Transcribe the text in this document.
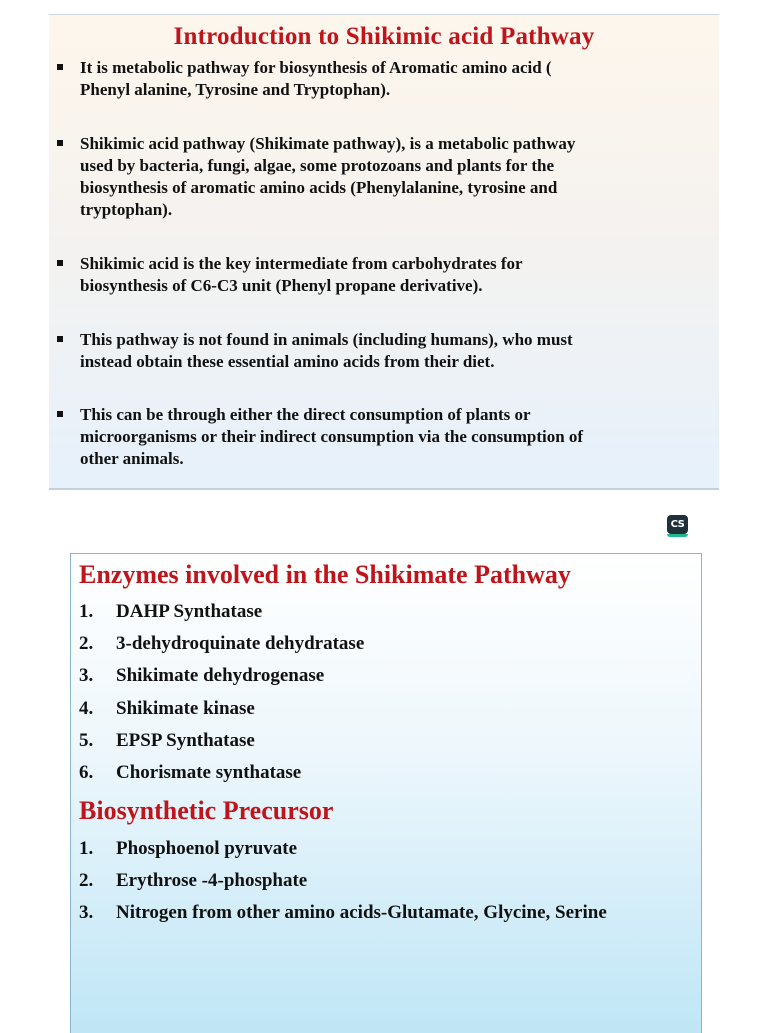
Introduction to Shikimic acid Pathway
It is metabolic pathway for biosynthesis of Aromatic amino acid (
Phenyl alanine, Tyrosine and Tryptophan).
Shikimic acid pathway (Shikimate pathway), is a metabolic pathway
used by bacteria, fungi, algae, some protozoans and plants for the
biosynthesis of aromatic amino acids (Phenylalanine, tyrosine and
tryptophan).
Shikimic acid is the key intermediate from carbohydrates for
biosynthesis of C6-C3 unit (Phenyl propane derivative).
This pathway is not found in animals (including humans), who must
instead obtain these essential amino acids from their diet.
This can be through either the direct consumption of plants or
microorganisms or their indirect consumption via the consumption of
other animals.
CS
Enzymes involved in the Shikimate Pathway
1. DAHP Synthatase
2. 3-dehydroquinate dehydratase
3. Shikimate dehydrogenase
4. Shikimate kinase
5. EPSP Synthatase
6. Chorismate synthatase
Biosynthetic Precursor
1. Phosphoenol pyruvate
2. Erythrose -4-phosphate
3. Nitrogen from other amino acids-Glutamate, Glycine, Serine
